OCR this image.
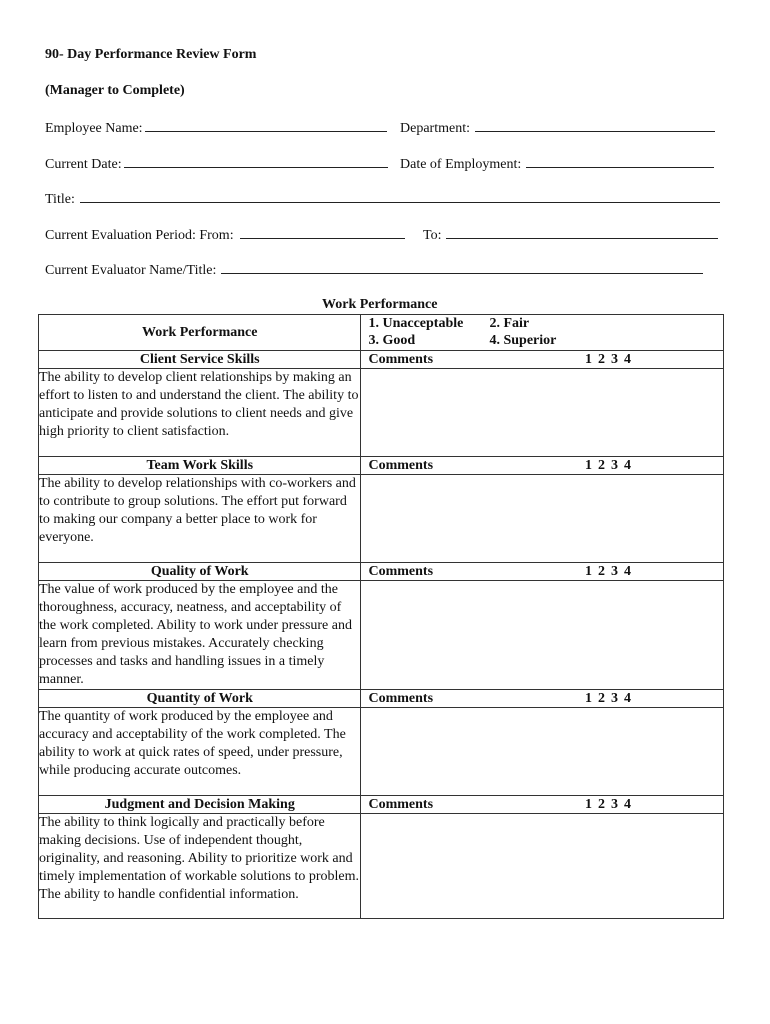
90- Day Performance Review Form
(Manager to Complete)
Employee Name:	Department:
Current Date:	Date of Employment:
Title:
Current Evaluation Period: From:	To:
Current Evaluator Name/Title:
Work Performance
Work Performance	1. Unacceptable 2. Fair
3. Good 4. Superior

Client Service Skills	Comments 1 2 3 4

The ability to develop client relationships by making an effort to listen to and understand the client. The ability to anticipate and provide solutions to client needs and give high priority to client satisfaction.	
Team Work Skills	Comments 1 2 3 4

The ability to develop relationships with co-workers and to contribute to group solutions. The effort put forward to making our company a better place to work for everyone.	
Quality of Work	Comments 1 2 3 4

The value of work produced by the employee and the thoroughness, accuracy, neatness, and acceptability of the work completed. Ability to work under pressure and learn from previous mistakes. Accurately checking processes and tasks and handling issues in a timely manner.	
Quantity of Work	Comments 1 2 3 4

The quantity of work produced by the employee and accuracy and acceptability of the work completed. The ability to work at quick rates of speed, under pressure, while producing accurate outcomes.	
Judgment and Decision Making	Comments 1 2 3 4

The ability to think logically and practically before making decisions. Use of independent thought, originality, and reasoning. Ability to prioritize work and timely implementation of workable solutions to problem. The ability to handle confidential information.	
